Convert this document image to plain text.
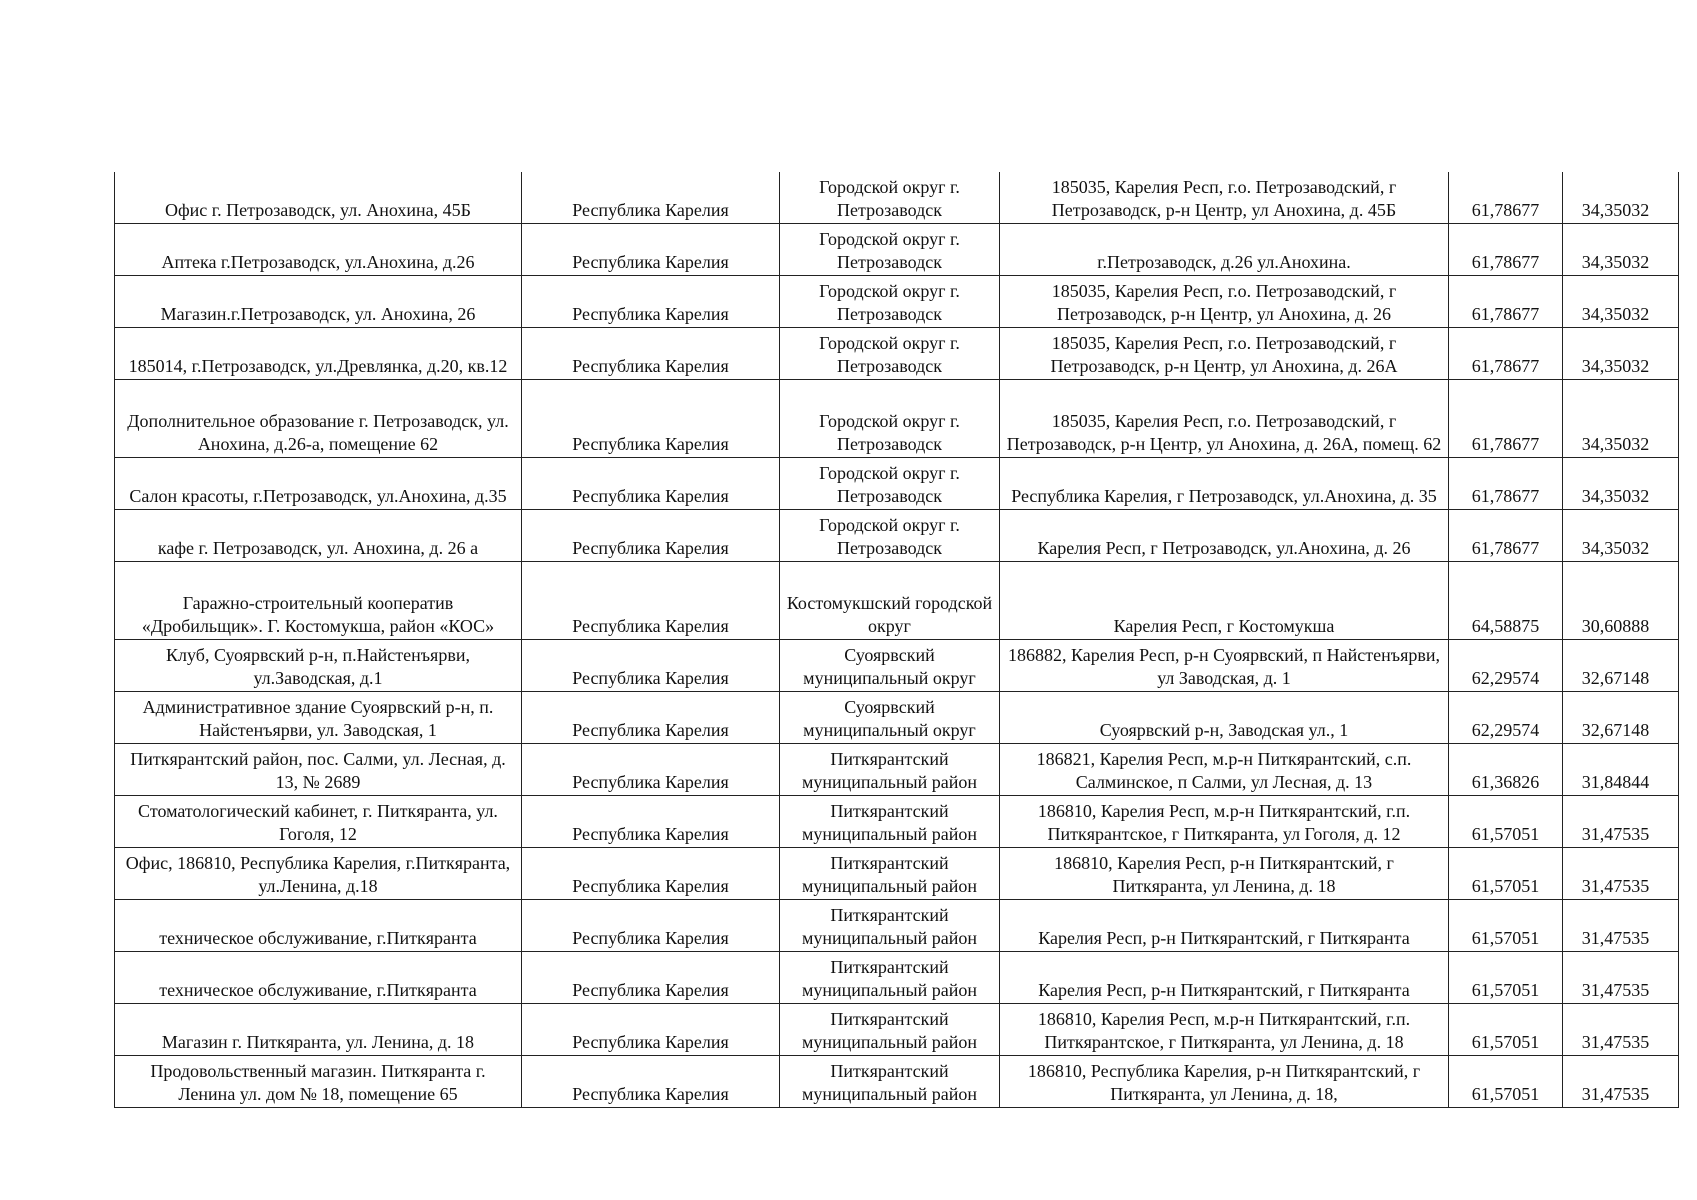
Офис г. Петрозаводск, ул. Анохина, 45Б	Республика Карелия	Городской округ г. Петрозаводск	185035, Карелия Респ, г.о. Петрозаводский, г Петрозаводск, р-н Центр, ул Анохина, д. 45Б	61,78677	34,35032
Аптека г.Петрозаводск, ул.Анохина, д.26	Республика Карелия	Городской округ г. Петрозаводск	г.Петрозаводск, д.26 ул.Анохина.	61,78677	34,35032
Магазин.г.Петрозаводск, ул. Анохина, 26	Республика Карелия	Городской округ г. Петрозаводск	185035, Карелия Респ, г.о. Петрозаводский, г Петрозаводск, р-н Центр, ул Анохина, д. 26	61,78677	34,35032
185014, г.Петрозаводск, ул.Древлянка, д.20, кв.12	Республика Карелия	Городской округ г. Петрозаводск	185035, Карелия Респ, г.о. Петрозаводский, г Петрозаводск, р-н Центр, ул Анохина, д. 26А	61,78677	34,35032
Дополнительное образование г. Петрозаводск, ул. Анохина, д.26-а, помещение 62	Республика Карелия	Городской округ г. Петрозаводск	185035, Карелия Респ, г.о. Петрозаводский, г Петрозаводск, р-н Центр, ул Анохина, д. 26А, помещ. 62	61,78677	34,35032
Салон красоты, г.Петрозаводск, ул.Анохина, д.35	Республика Карелия	Городской округ г. Петрозаводск	Республика Карелия, г Петрозаводск, ул.Анохина, д. 35	61,78677	34,35032
кафе г. Петрозаводск, ул. Анохина, д. 26 а	Республика Карелия	Городской округ г. Петрозаводск	Карелия Респ, г Петрозаводск, ул.Анохина, д. 26	61,78677	34,35032
Гаражно-строительный кооператив «Дробильщик». Г. Костомукша, район «КОС»	Республика Карелия	Костомукшский городской округ	Карелия Респ, г Костомукша	64,58875	30,60888
Клуб, Суоярвский р-н, п.Найстенъярви, ул.Заводская, д.1	Республика Карелия	Суоярвский муниципальный округ	186882, Карелия Респ, р-н Суоярвский, п Найстенъярви, ул Заводская, д. 1	62,29574	32,67148
Административное здание Суоярвский р-н, п. Найстенъярви, ул. Заводская, 1	Республика Карелия	Суоярвский муниципальный округ	Суоярвский р-н, Заводская ул., 1	62,29574	32,67148
Питкярантский район, пос. Салми, ул. Лесная, д. 13, № 2689	Республика Карелия	Питкярантский муниципальный район	186821, Карелия Респ, м.р-н Питкярантский, с.п. Салминское, п Салми, ул Лесная, д. 13	61,36826	31,84844
Стоматологический кабинет, г. Питкяранта, ул. Гоголя, 12	Республика Карелия	Питкярантский муниципальный район	186810, Карелия Респ, м.р-н Питкярантский, г.п. Питкярантское, г Питкяранта, ул Гоголя, д. 12	61,57051	31,47535
Офис, 186810, Республика Карелия, г.Питкяранта, ул.Ленина, д.18	Республика Карелия	Питкярантский муниципальный район	186810, Карелия Респ, р-н Питкярантский, г Питкяранта, ул Ленина, д. 18	61,57051	31,47535
техническое обслуживание, г.Питкяранта	Республика Карелия	Питкярантский муниципальный район	Карелия Респ, р-н Питкярантский, г Питкяранта	61,57051	31,47535
техническое обслуживание, г.Питкяранта	Республика Карелия	Питкярантский муниципальный район	Карелия Респ, р-н Питкярантский, г Питкяранта	61,57051	31,47535
Магазин г. Питкяранта, ул. Ленина, д. 18	Республика Карелия	Питкярантский муниципальный район	186810, Карелия Респ, м.р-н Питкярантский, г.п. Питкярантское, г Питкяранта, ул Ленина, д. 18	61,57051	31,47535
Продовольственный магазин. Питкяранта г. Ленина ул. дом № 18, помещение 65	Республика Карелия	Питкярантский муниципальный район	186810, Республика Карелия, р-н Питкярантский, г Питкяранта, ул Ленина, д. 18,	61,57051	31,47535
